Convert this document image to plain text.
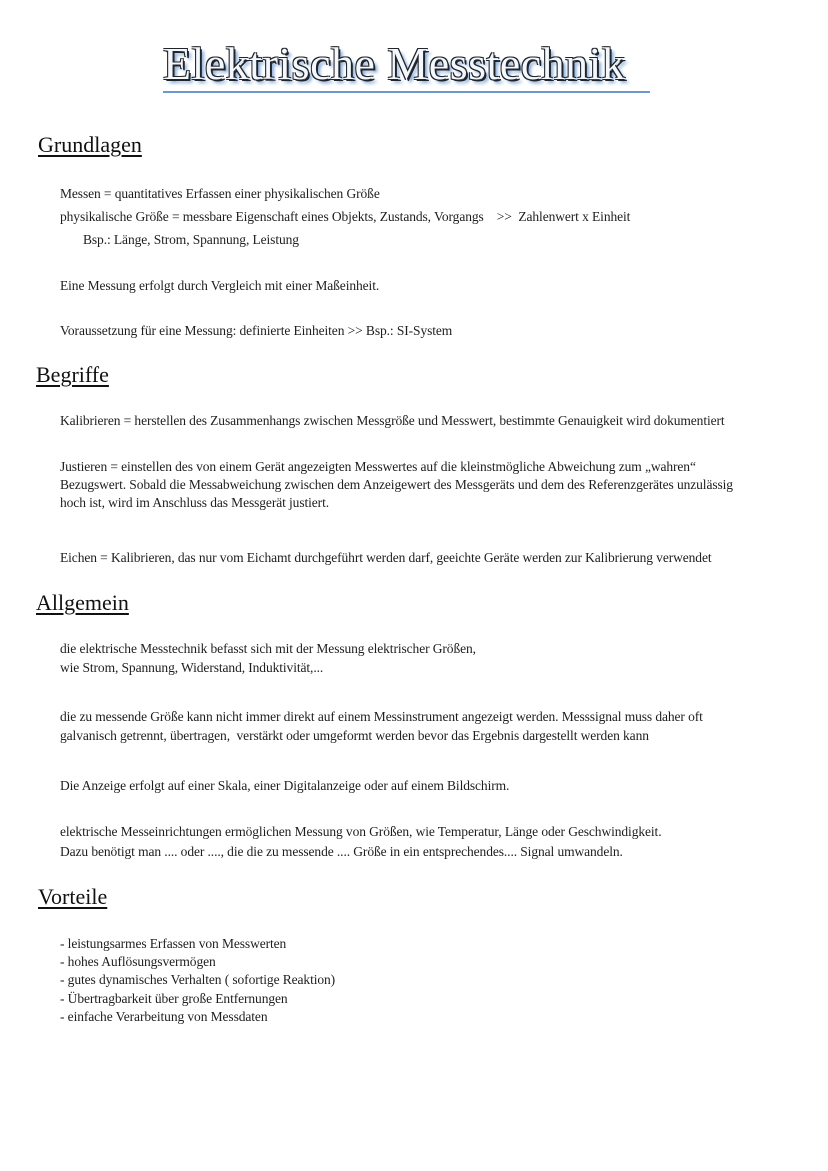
Elektrische Messtechnik
Grundlagen
Messen = quantitatives Erfassen einer physikalischen Größe
physikalische Größe = messbare Eigenschaft eines Objekts, Zustands, Vorgangs    >>  Zahlenwert x Einheit
Bsp.: Länge, Strom, Spannung, Leistung
Eine Messung erfolgt durch Vergleich mit einer Maßeinheit.
Voraussetzung für eine Messung: definierte Einheiten >> Bsp.: SI-System
Begriffe
Kalibrieren = herstellen des Zusammenhangs zwischen Messgröße und Messwert, bestimmte Genauigkeit wird dokumentiert
Justieren = einstellen des von einem Gerät angezeigten Messwertes auf die kleinstmögliche Abweichung zum „wahren“
Bezugswert. Sobald die Messabweichung zwischen dem Anzeigewert des Messgeräts und dem des Referenzgerätes unzulässig
hoch ist, wird im Anschluss das Messgerät justiert.
Eichen = Kalibrieren, das nur vom Eichamt durchgeführt werden darf, geeichte Geräte werden zur Kalibrierung verwendet
Allgemein
die elektrische Messtechnik befasst sich mit der Messung elektrischer Größen,
wie Strom, Spannung, Widerstand, Induktivität,...
die zu messende Größe kann nicht immer direkt auf einem Messinstrument angezeigt werden. Messsignal muss daher oft
galvanisch getrennt, übertragen,  verstärkt oder umgeformt werden bevor das Ergebnis dargestellt werden kann
Die Anzeige erfolgt auf einer Skala, einer Digitalanzeige oder auf einem Bildschirm.
elektrische Messeinrichtungen ermöglichen Messung von Größen, wie Temperatur, Länge oder Geschwindigkeit.
Dazu benötigt man .... oder ...., die die zu messende .... Größe in ein entsprechendes.... Signal umwandeln.
Vorteile
- leistungsarmes Erfassen von Messwerten
- hohes Auflösungsvermögen
- gutes dynamisches Verhalten ( sofortige Reaktion)
- Übertragbarkeit über große Entfernungen
- einfache Verarbeitung von Messdaten
